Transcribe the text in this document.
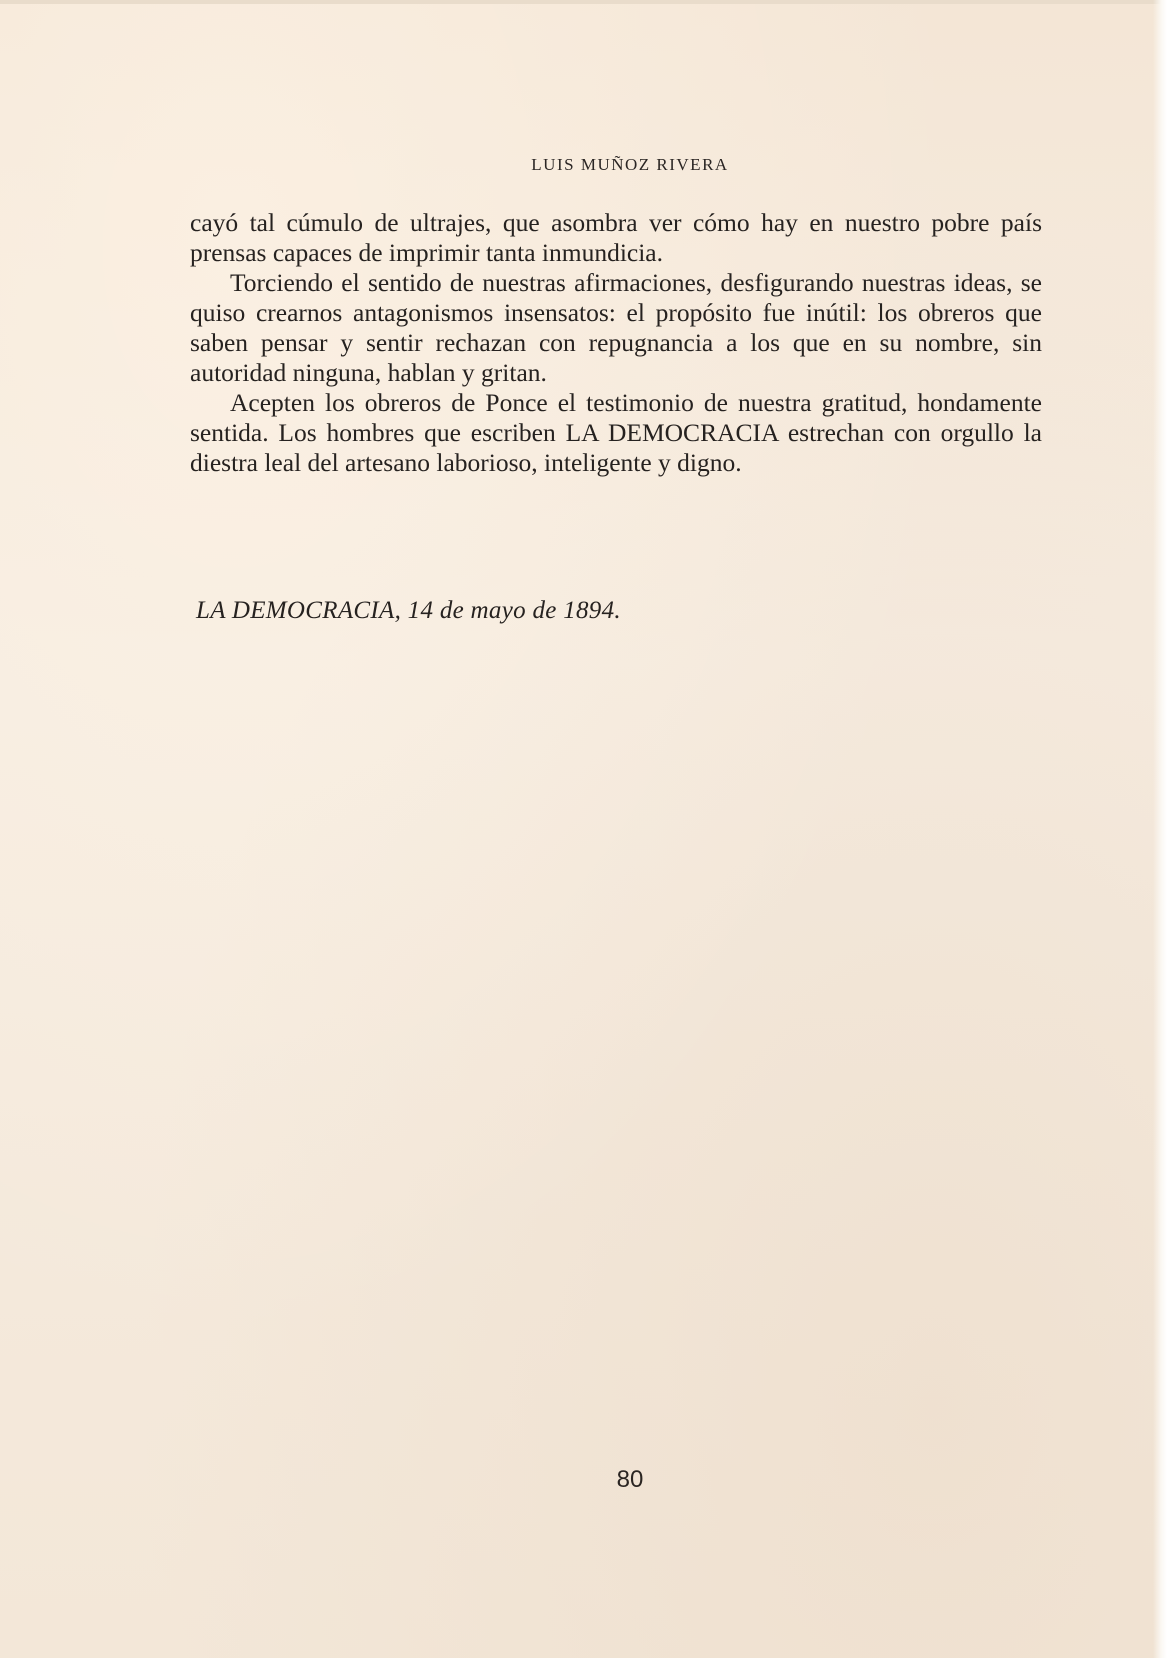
LUIS MUÑOZ RIVERA

cayó tal cúmulo de ultrajes, que asombra ver cómo hay en nuestro pobre país prensas capaces de imprimir tanta inmundicia.

Torciendo el sentido de nuestras afirmaciones, desfigurando nuestras ideas, se quiso crearnos antagonismos insensatos: el propósito fue inútil: los obreros que saben pensar y sentir rechazan con repugnancia a los que en su nombre, sin autoridad ninguna, hablan y gritan.

Acepten los obreros de Ponce el testimonio de nuestra gratitud, hondamente sentida. Los hombres que escriben LA DEMOCRACIA estrechan con orgullo la diestra leal del artesano laborioso, inteligente y digno.

LA DEMOCRACIA, 14 de mayo de 1894.
80
